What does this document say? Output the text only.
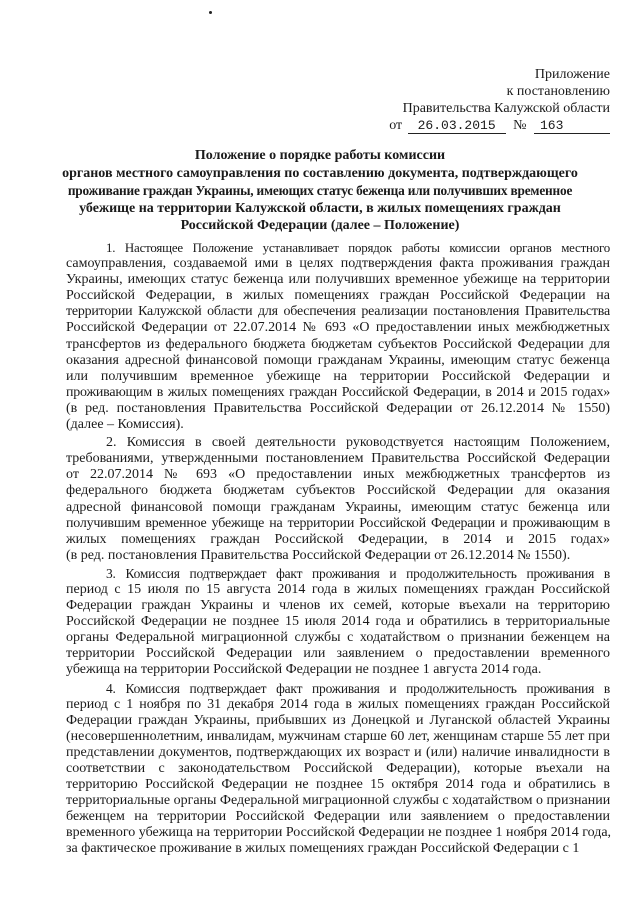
Приложение
к постановлению
Правительства Калужской области
от 26.03.2015 № 163
Положение о порядке работы комиссии
органов местного самоуправления по составлению документа, подтверждающего
проживание граждан Украины, имеющих статус беженца или получивших временное
убежище на территории Калужской области, в жилых помещениях граждан
Российской Федерации (далее – Положение)
1. Настоящее Положение устанавливает порядок работы комиссии органов местного
самоуправления, создаваемой ими в целях подтверждения факта проживания граждан
Украины, имеющих статус беженца или получивших временное убежище на территории
Российской Федерации, в жилых помещениях граждан Российской Федерации на
территории Калужской области для обеспечения реализации постановления Правительства
Российской Федерации от 22.07.2014 № 693 «О предоставлении иных межбюджетных
трансфертов из федерального бюджета бюджетам субъектов Российской Федерации для
оказания адресной финансовой помощи гражданам Украины, имеющим статус беженца
или получившим временное убежище на территории Российской Федерации и
проживающим в жилых помещениях граждан Российской Федерации, в 2014 и 2015 годах»
(в ред. постановления Правительства Российской Федерации от 26.12.2014 № 1550)
(далее – Комиссия).
2. Комиссия в своей деятельности руководствуется настоящим Положением,
требованиями, утвержденными постановлением Правительства Российской Федерации
от 22.07.2014 № 693 «О предоставлении иных межбюджетных трансфертов из
федерального бюджета бюджетам субъектов Российской Федерации для оказания
адресной финансовой помощи гражданам Украины, имеющим статус беженца или
получившим временное убежище на территории Российской Федерации и проживающим в
жилых помещениях граждан Российской Федерации, в 2014 и 2015 годах»
(в ред. постановления Правительства Российской Федерации от 26.12.2014 № 1550).
3. Комиссия подтверждает факт проживания и продолжительность проживания в
период с 15 июля по 15 августа 2014 года в жилых помещениях граждан Российской
Федерации граждан Украины и членов их семей, которые въехали на территорию
Российской Федерации не позднее 15 июля 2014 года и обратились в территориальные
органы Федеральной миграционной службы с ходатайством о признании беженцем на
территории Российской Федерации или заявлением о предоставлении временного
убежища на территории Российской Федерации не позднее 1 августа 2014 года.
4. Комиссия подтверждает факт проживания и продолжительность проживания в
период с 1 ноября по 31 декабря 2014 года в жилых помещениях граждан Российской
Федерации граждан Украины, прибывших из Донецкой и Луганской областей Украины
(несовершеннолетним, инвалидам, мужчинам старше 60 лет, женщинам старше 55 лет при
представлении документов, подтверждающих их возраст и (или) наличие инвалидности в
соответствии с законодательством Российской Федерации), которые въехали на
территорию Российской Федерации не позднее 15 октября 2014 года и обратились в
территориальные органы Федеральной миграционной службы с ходатайством о признании
беженцем на территории Российской Федерации или заявлением о предоставлении
временного убежища на территории Российской Федерации не позднее 1 ноября 2014 года,
за фактическое проживание в жилых помещениях граждан Российской Федерации с 1
